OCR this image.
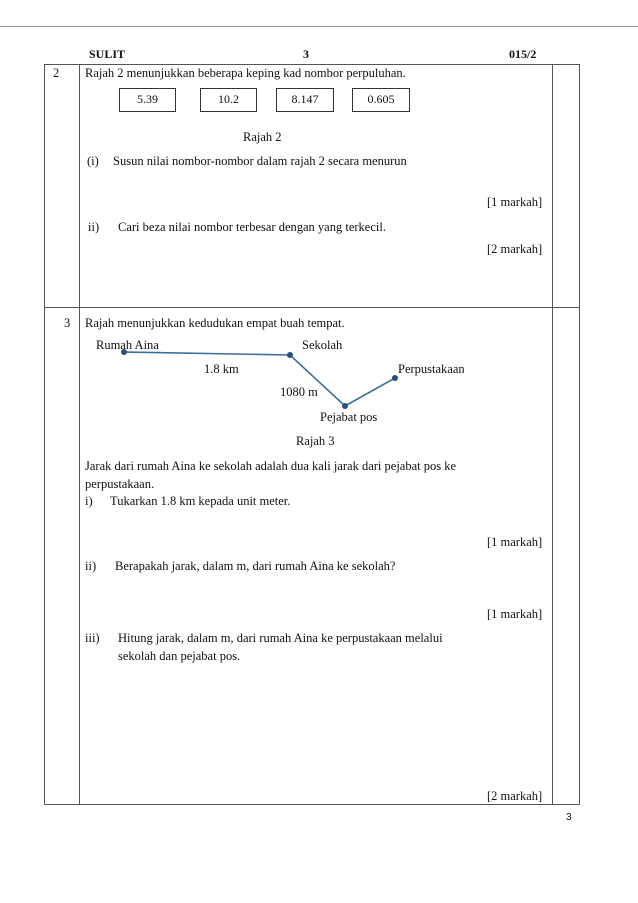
SULIT	3	015/2
2 Rajah 2 menunjukkan beberapa keping kad nombor perpuluhan.
5.39	10.2	8.147	0.605
Rajah 2
(i) Susun nilai nombor-nombor dalam rajah 2 secara menurun
[1 markah]
ii) Cari beza nilai nombor terbesar dengan yang terkecil.
[2 markah]
3 Rajah menunjukkan kedudukan empat buah tempat.
Rumah Aina	Sekolah
Perpustakaan
Pejabat pos
1.8 km
1080 m
Rajah 3
Jarak dari rumah Aina ke sekolah adalah dua kali jarak dari pejabat pos ke
perpustakaan.
i) Tukarkan 1.8 km kepada unit meter.
[1 markah]
ii) Berapakah jarak, dalam m, dari rumah Aina ke sekolah?
[1 markah]
iii) Hitung jarak, dalam m, dari rumah Aina ke perpustakaan melalui
sekolah dan pejabat pos.
[2 markah]
3
